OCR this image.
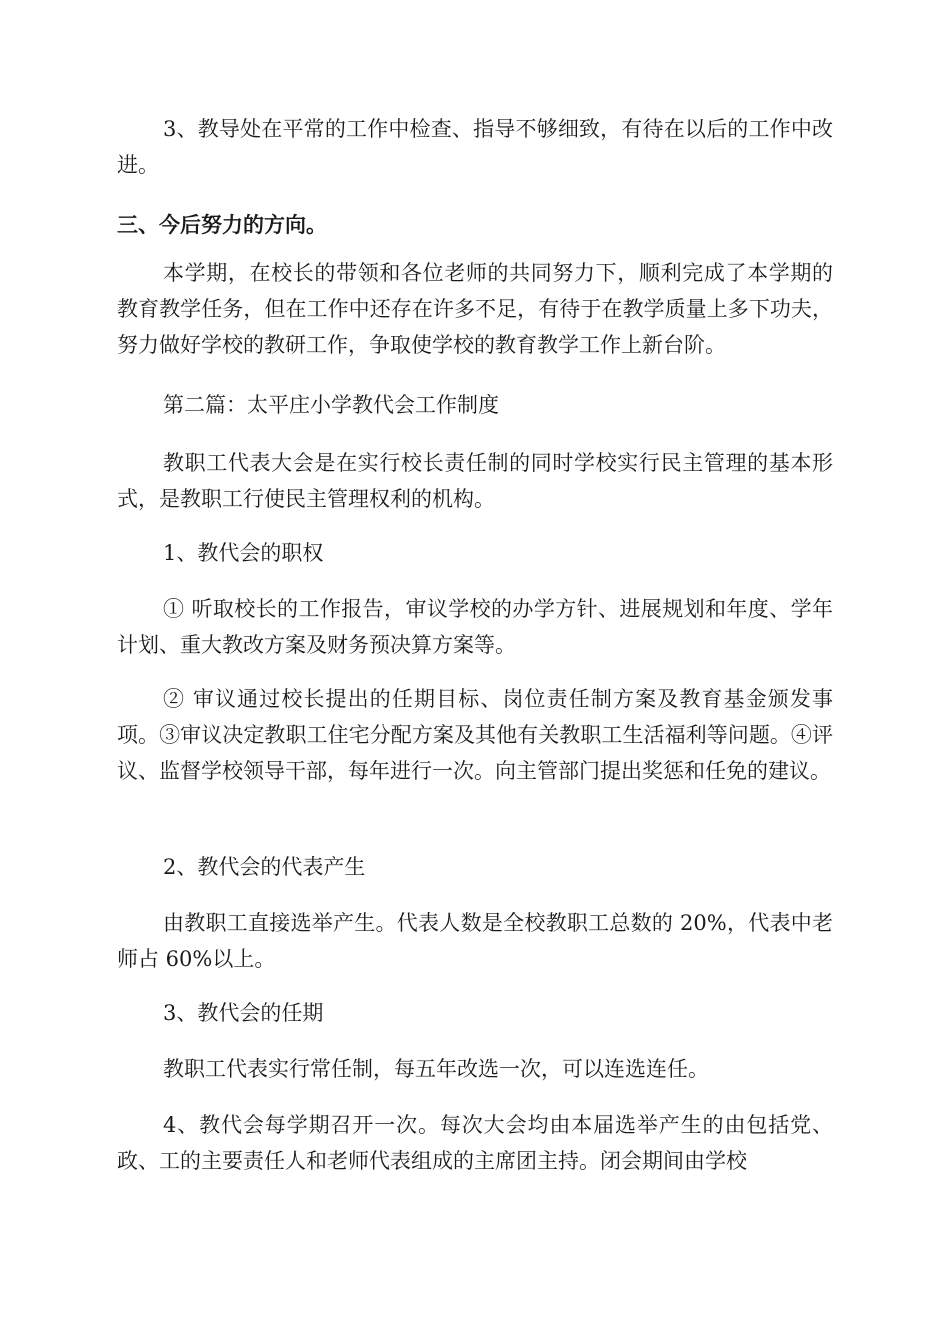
3、教导处在平常的工作中检查、指导不够细致，有待在以后的工作中改进。

三、今后努力的方向。

本学期，在校长的带领和各位老师的共同努力下，顺利完成了本学期的教育教学任务，但在工作中还存在许多不足，有待于在教学质量上多下功夫，努力做好学校的教研工作，争取使学校的教育教学工作上新台阶。

第二篇：太平庄小学教代会工作制度

教职工代表大会是在实行校长责任制的同时学校实行民主管理的基本形式，是教职工行使民主管理权利的机构。

1、教代会的职权

① 听取校长的工作报告，审议学校的办学方针、进展规划和年度、学年计划、重大教改方案及财务预决算方案等。

② 审议通过校长提出的任期目标、岗位责任制方案及教育基金颁发事项。③审议决定教职工住宅分配方案及其他有关教职工生活福利等问题。④评议、监督学校领导干部，每年进行一次。向主管部门提出奖惩和任免的建议。

2、教代会的代表产生

由教职工直接选举产生。代表人数是全校教职工总数的 20%，代表中老师占 60%以上。

3、教代会的任期

教职工代表实行常任制，每五年改选一次，可以连选连任。

4、教代会每学期召开一次。每次大会均由本届选举产生的由包括党、政、工的主要责任人和老师代表组成的主席团主持。闭会期间由学校
